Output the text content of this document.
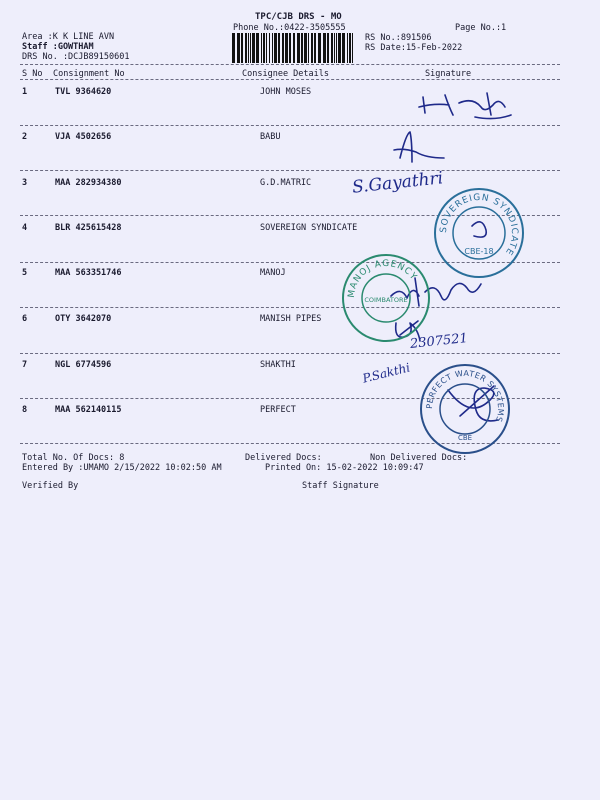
TPC/CJB DRS - MO
Phone No.:0422-3505555	Page No.:1
Area :K K LINE AVN
Staff :GOWTHAM
DRS No. :DCJB89150601
RS No.:891506
RS Date:15-Feb-2022
S No Consignment No	Consignee Details	Signature
1	TVL 9364620	JOHN MOSES
2	VJA 4502656	BABU
3	MAA 282934380	G.D.MATRIC
4	BLR 425615428	SOVEREIGN SYNDICATE
5	MAA 563351746	MANOJ
6	OTY 3642070	MANISH PIPES
7	NGL 6774596	SHAKTHI
8	MAA 562140115	PERFECT
Total No. Of Docs: 8	Delivered Docs:	Non Delivered Docs:
Entered By :UMAMO 2/15/2022 10:02:50 AM	Printed On: 15-02-2022 10:09:47
Verified By	Staff Signature
S.Gayathri
2307521
P.Sakthi
SOVEREIGN SYNDICATE
CBE-18
MANOJ AGENCY
COIMBATORE
PERFECT WATER SYSTEMS
CBE
